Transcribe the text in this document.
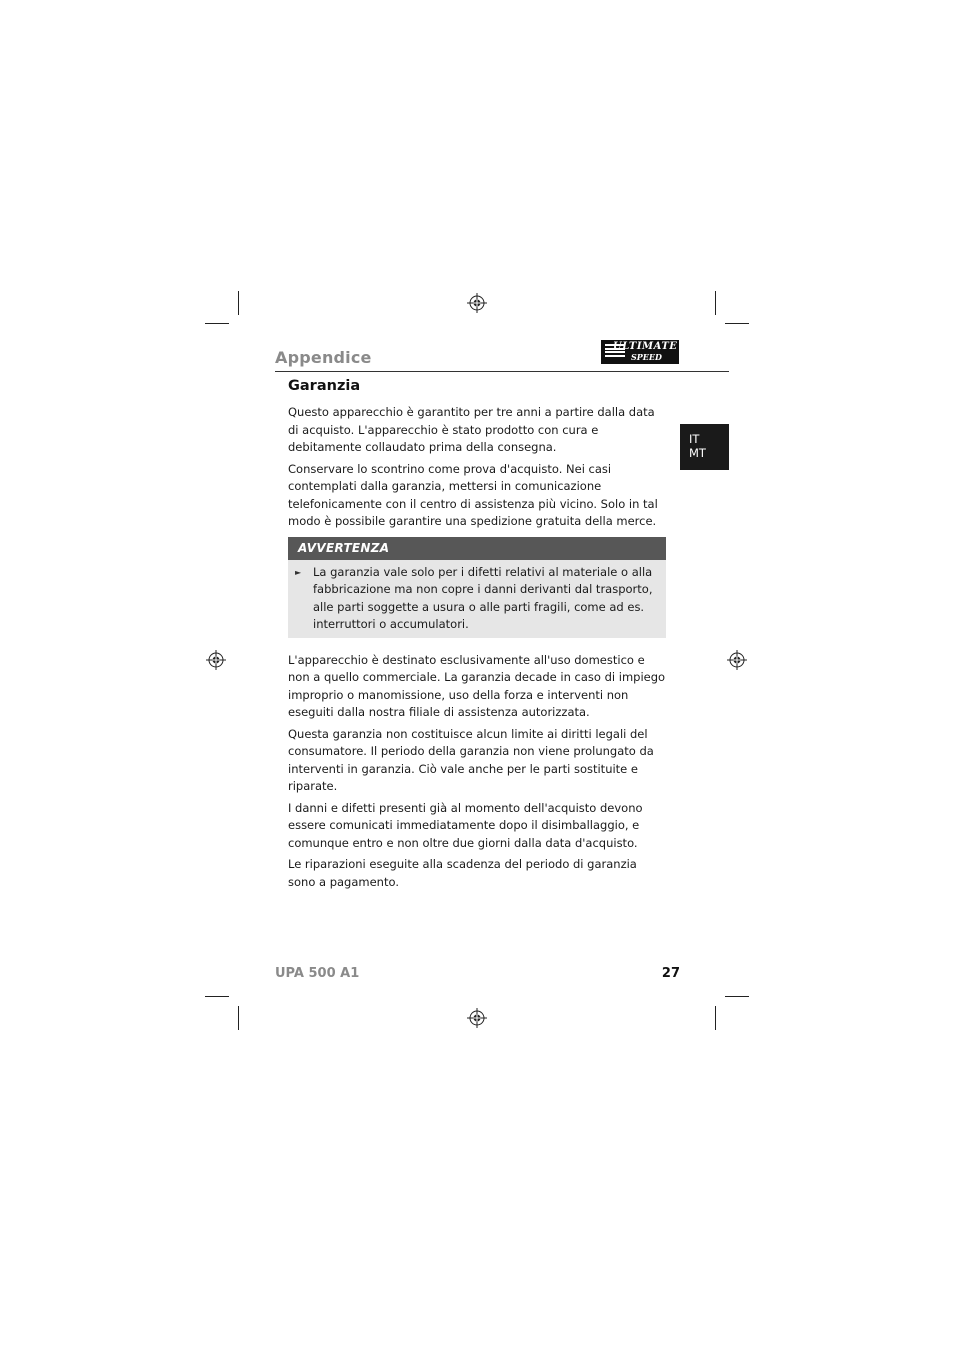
Appendice
ULTIMATE
SPEED
IT
MT
Garanzia

Questo apparecchio è garantito per tre anni a partire dalla data di acquisto. L'apparecchio è stato prodotto con cura e debitamente collaudato prima della consegna.

Conservare lo scontrino come prova d'acquisto. Nei casi contemplati dalla garanzia, mettersi in comunicazione telefonicamente con il centro di assistenza più vicino. Solo in tal modo è possibile garantire una spedizione gratuita della merce.

AVVERTENZA
►	La garanzia vale solo per i difetti relativi al materiale o alla fabbricazione ma non copre i danni derivanti dal trasporto, alle parti soggette a usura o alle parti fragili, come ad es. interruttori o accumulatori.

L'apparecchio è destinato esclusivamente all'uso domestico e non a quello commerciale. La garanzia decade in caso di impiego improprio o manomissione, uso della forza e interventi non eseguiti dalla nostra filiale di assistenza autorizzata.

Questa garanzia non costituisce alcun limite ai diritti legali del consumatore. Il periodo della garanzia non viene prolungato da interventi in garanzia. Ciò vale anche per le parti sostituite e riparate.

I danni e difetti presenti già al momento dell'acquisto devono essere comunicati immediatamente dopo il disimballaggio, e comunque entro e non oltre due giorni dalla data d'acquisto.

Le riparazioni eseguite alla scadenza del periodo di garanzia sono a pagamento.

UPA 500 A1	27
